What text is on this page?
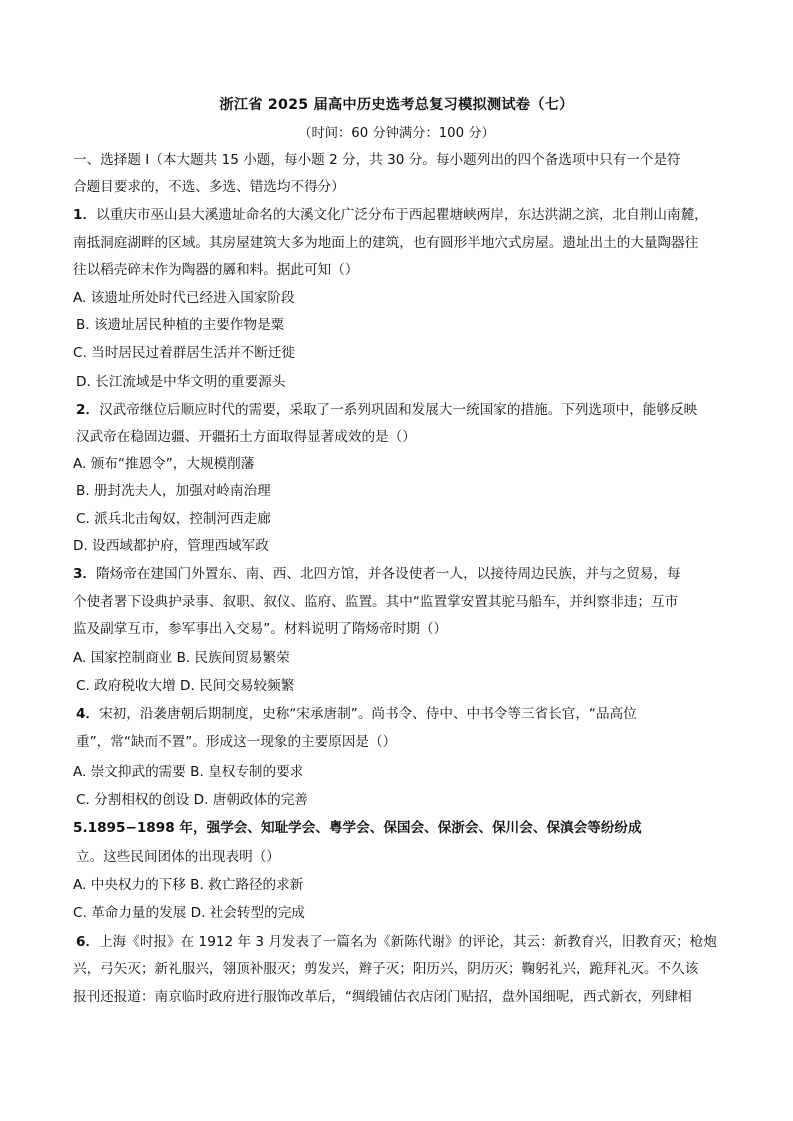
浙江省 2025 届高中历史选考总复习模拟测试卷（七）
（时间：60 分钟满分：100 分）
一、选择题 I（本大题共 15 小题，每小题 2 分，共 30 分。每小题列出的四个备选项中只有一个是符
合题目要求的，不选、多选、错选均不得分）
1．以重庆市巫山县大溪遗址命名的大溪文化广泛分布于西起瞿塘峡两岸，东达洪湖之滨，北自荆山南麓，
南抵洞庭湖畔的区域。其房屋建筑大多为地面上的建筑，也有圆形半地穴式房屋。遗址出土的大量陶器往
往以稻壳碎末作为陶器的羼和料。据此可知（）
A. 该遗址所处时代已经进入国家阶段
B. 该遗址居民种植的主要作物是粟
C. 当时居民过着群居生活并不断迁徙
D. 长江流域是中华文明的重要源头
2．汉武帝继位后顺应时代的需要，采取了一系列巩固和发展大一统国家的措施。下列选项中，能够反映
汉武帝在稳固边疆、开疆拓土方面取得显著成效的是（）
A. 颁布“推恩令”，大规模削藩
B. 册封冼夫人，加强对岭南治理
C. 派兵北击匈奴，控制河西走廊
D. 设西域都护府，管理西域军政
3．隋炀帝在建国门外置东、南、西、北四方馆，并各设使者一人，以接待周边民族，并与之贸易，每
个使者署下设典护录事、叙职、叙仪、监府、监置。其中“监置掌安置其驼马船车，并纠察非违；互市
监及副掌互市，参军事出入交易”。材料说明了隋炀帝时期（）
A. 国家控制商业 B. 民族间贸易繁荣
C. 政府税收大增 D. 民间交易较频繁
4．宋初，沿袭唐朝后期制度，史称“宋承唐制”。尚书令、侍中、中书令等三省长官，“品高位
重”，常“缺而不置”。形成这一现象的主要原因是（）
A. 崇文抑武的需要 B. 皇权专制的要求
C. 分割相权的创设 D. 唐朝政体的完善
5.1895−1898 年，强学会、知耻学会、粤学会、保国会、保浙会、保川会、保滇会等纷纷成
立。这些民间团体的出现表明（）
A. 中央权力的下移 B. 救亡路径的求新
C. 革命力量的发展 D. 社会转型的完成
6．上海《时报》在 1912 年 3 月发表了一篇名为《新陈代谢》的评论，其云：新教育兴，旧教育灭；枪炮
兴，弓矢灭；新礼服兴，翎顶补服灭；剪发兴，辫子灭；阳历兴，阴历灭；鞠躬礼兴，跪拜礼灭。不久该
报刊还报道：南京临时政府进行服饰改革后，“绸缎铺估衣店闭门贴招，盘外国细呢，西式新衣，列肆相
